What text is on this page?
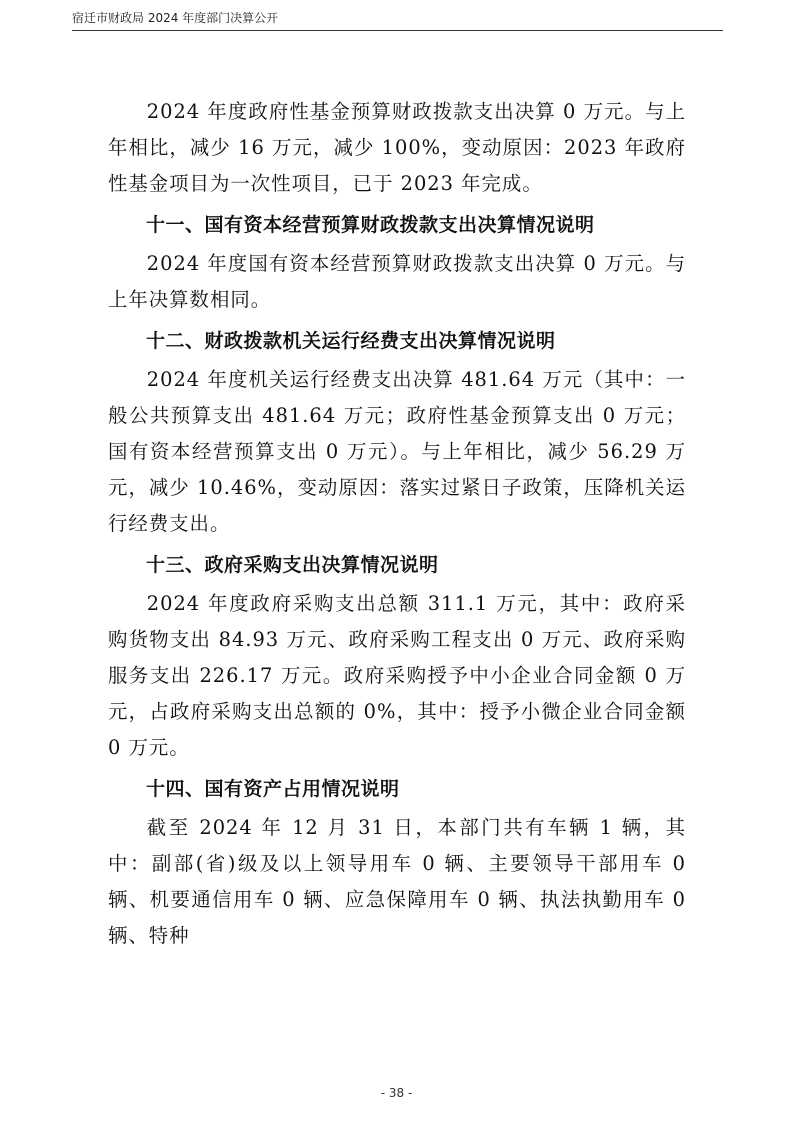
宿迁市财政局 2024 年度部门决算公开

2024 年度政府性基金预算财政拨款支出决算 0 万元。与上年相比，减少 16 万元，减少 100%，变动原因：2023 年政府性基金项目为一次性项目，已于 2023 年完成。

十一、国有资本经营预算财政拨款支出决算情况说明

2024 年度国有资本经营预算财政拨款支出决算 0 万元。与上年决算数相同。

十二、财政拨款机关运行经费支出决算情况说明

2024 年度机关运行经费支出决算 481.64 万元（其中：一般公共预算支出 481.64 万元；政府性基金预算支出 0 万元；国有资本经营预算支出 0 万元）。与上年相比，减少 56.29 万元，减少 10.46%，变动原因：落实过紧日子政策，压降机关运行经费支出。

十三、政府采购支出决算情况说明

2024 年度政府采购支出总额 311.1 万元，其中：政府采购货物支出 84.93 万元、政府采购工程支出 0 万元、政府采购服务支出 226.17 万元。政府采购授予中小企业合同金额 0 万元，占政府采购支出总额的 0%，其中：授予小微企业合同金额 0 万元。

十四、国有资产占用情况说明

截至 2024 年 12 月 31 日，本部门共有车辆 1 辆，其中：副部(省)级及以上领导用车 0 辆、主要领导干部用车 0 辆、机要通信用车 0 辆、应急保障用车 0 辆、执法执勤用车 0 辆、特种

- 38 -
